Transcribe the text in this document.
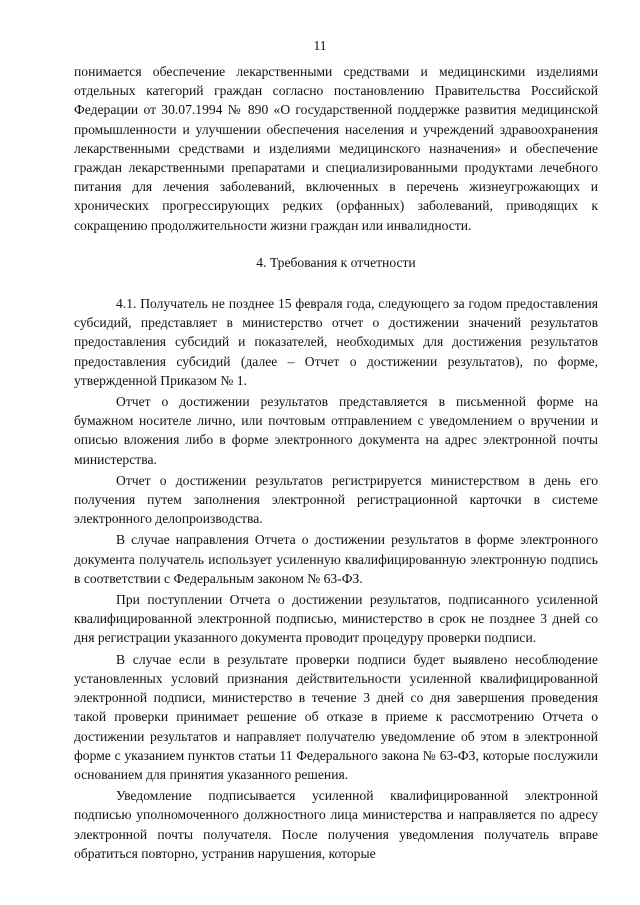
11

понимается обеспечение лекарственными средствами и медицинскими изделиями отдельных категорий граждан согласно постановлению Правительства Российской Федерации от 30.07.1994 № 890 «О государственной поддержке развития медицинской промышленности и улучшении обеспечения населения и учреждений здравоохранения лекарственными средствами и изделиями медицинского назначения» и обеспечение граждан лекарственными препаратами и специализированными продуктами лечебного питания для лечения заболеваний, включенных в перечень жизнеугрожающих и хронических прогрессирующих редких (орфанных) заболеваний, приводящих к сокращению продолжительности жизни граждан или инвалидности.

4. Требования к отчетности

4.1. Получатель не позднее 15 февраля года, следующего за годом предоставления субсидий, представляет в министерство отчет о достижении значений результатов предоставления субсидий и показателей, необходимых для достижения результатов предоставления субсидий (далее – Отчет о достижении результатов), по форме, утвержденной Приказом № 1.

Отчет о достижении результатов представляется в письменной форме на бумажном носителе лично, или почтовым отправлением с уведомлением о вручении и описью вложения либо в форме электронного документа на адрес электронной почты министерства.

Отчет о достижении результатов регистрируется министерством в день его получения путем заполнения электронной регистрационной карточки в системе электронного делопроизводства.

В случае направления Отчета о достижении результатов в форме электронного документа получатель использует усиленную квалифицированную электронную подпись в соответствии с Федеральным законом № 63-ФЗ.

При поступлении Отчета о достижении результатов, подписанного усиленной квалифицированной электронной подписью, министерство в срок не позднее 3 дней со дня регистрации указанного документа проводит процедуру проверки подписи.

В случае если в результате проверки подписи будет выявлено несоблюдение установленных условий признания действительности усиленной квалифицированной электронной подписи, министерство в течение 3 дней со дня завершения проведения такой проверки принимает решение об отказе в приеме к рассмотрению Отчета о достижении результатов и направляет получателю уведомление об этом в электронной форме с указанием пунктов статьи 11 Федерального закона № 63-ФЗ, которые послужили основанием для принятия указанного решения.

Уведомление подписывается усиленной квалифицированной электронной подписью уполномоченного должностного лица министерства и направляется по адресу электронной почты получателя. После получения уведомления получатель вправе обратиться повторно, устранив нарушения, которые
